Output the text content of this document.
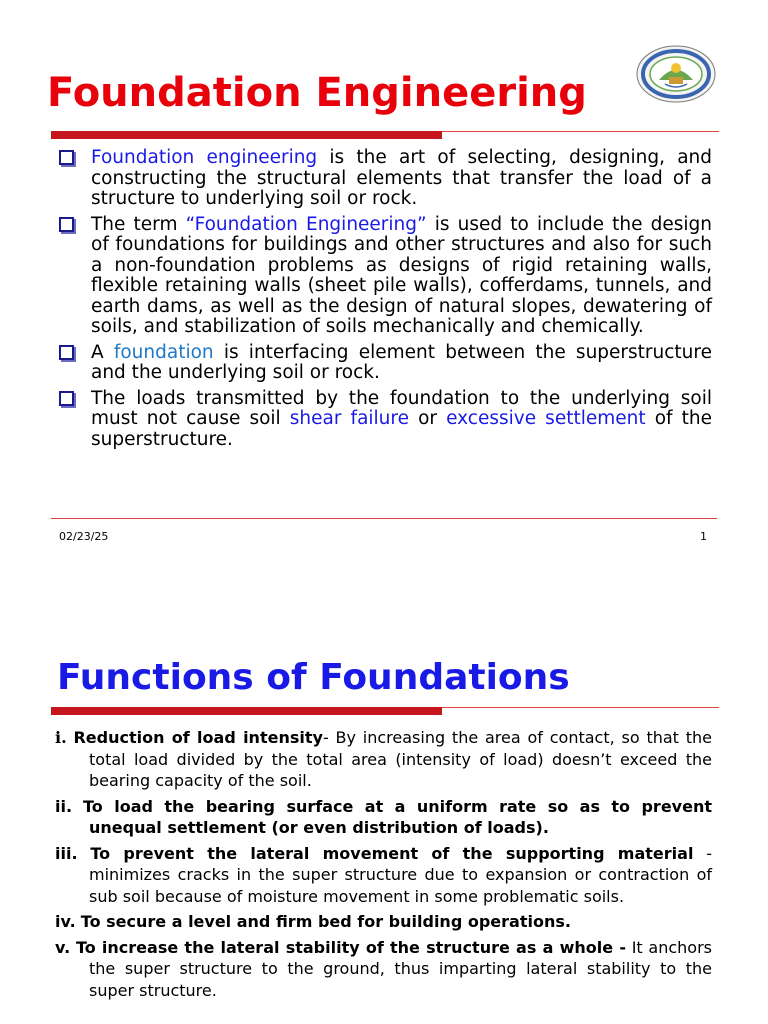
Foundation Engineering
Foundation engineering is the art of selecting, designing, and constructing the structural elements that transfer the load of a structure to underlying soil or rock.
The term “Foundation Engineering” is used to include the design of foundations for buildings and other structures and also for such a non-foundation problems as designs of rigid retaining walls, flexible retaining walls (sheet pile walls), cofferdams, tunnels, and earth dams, as well as the design of natural slopes, dewatering of soils, and stabilization of soils mechanically and chemically.
A foundation is interfacing element between the superstructure and the underlying soil or rock.
The loads transmitted by the foundation to the underlying soil must not cause soil shear failure or excessive settlement of the superstructure.
02/23/25	1
Functions of Foundations
i. Reduction of load intensity- By increasing the area of contact, so that the total load divided by the total area (intensity of load) doesn’t exceed the bearing capacity of the soil.
ii. To load the bearing surface at a uniform rate so as to prevent unequal settlement (or even distribution of loads).
iii. To prevent the lateral movement of the supporting material - minimizes cracks in the super structure due to expansion or contraction of sub soil because of moisture movement in some problematic soils.
iv. To secure a level and firm bed for building operations.
v. To increase the lateral stability of the structure as a whole - It anchors the super structure to the ground, thus imparting lateral stability to the super structure.
